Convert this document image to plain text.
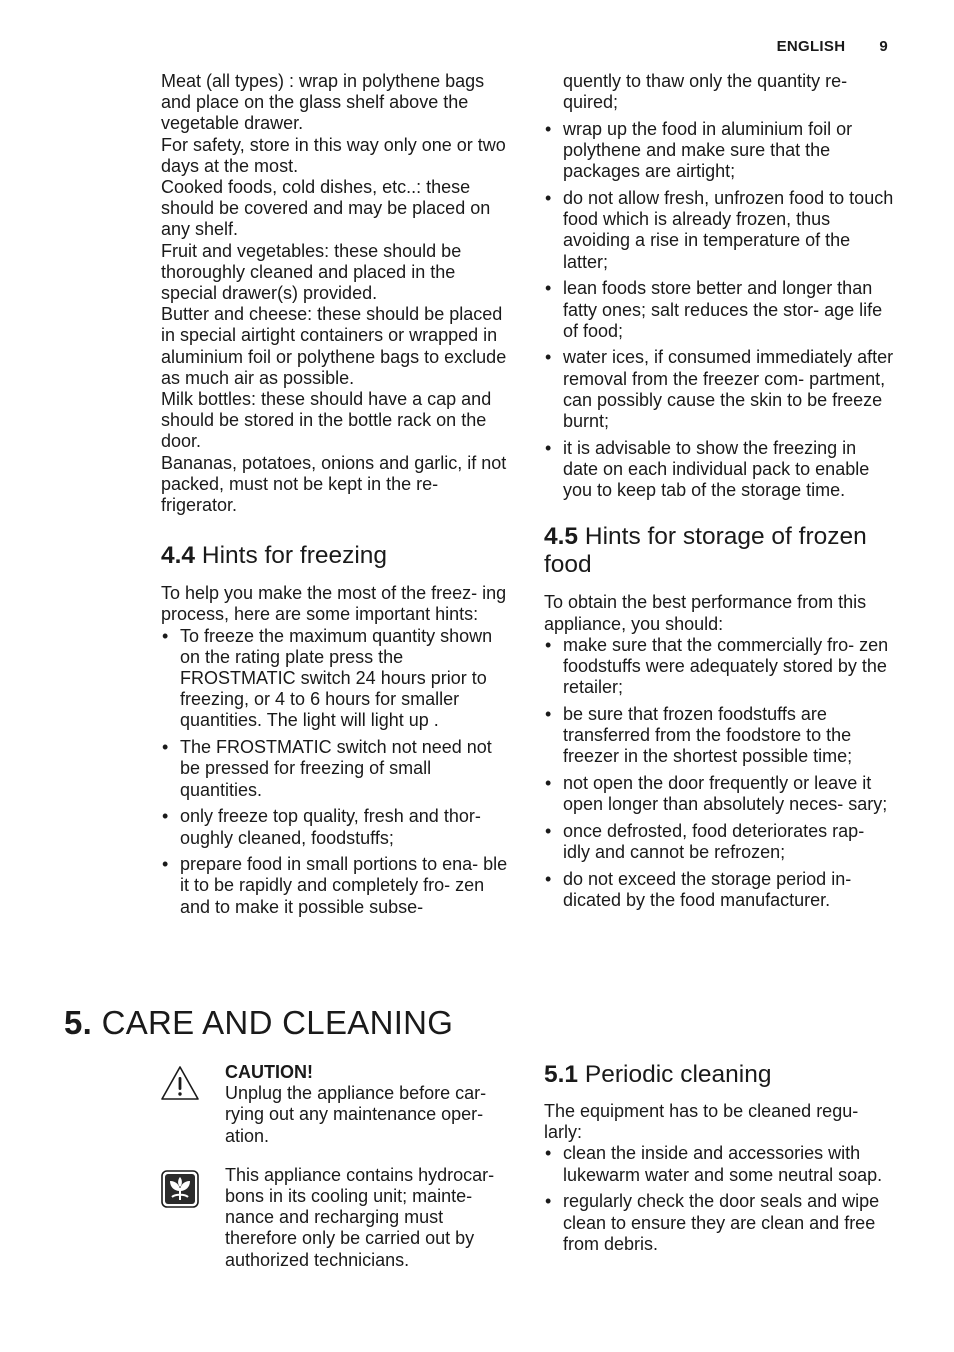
ENGLISH 9

Meat (all types) : wrap in polythene bags and place on the glass shelf above the vegetable drawer.

For safety, store in this way only one or two days at the most.

Cooked foods, cold dishes, etc..: these should be covered and may be placed on any shelf.

Fruit and vegetables: these should be thoroughly cleaned and placed in the special drawer(s) provided.

Butter and cheese: these should be placed in special airtight containers or wrapped in aluminium foil or polythene bags to exclude as much air as possible.

Milk bottles: these should have a cap and should be stored in the bottle rack on the door.

Bananas, potatoes, onions and garlic, if not packed, must not be kept in the re- frigerator.

4.4 Hints for freezing

To help you make the most of the freez- ing process, here are some important hints:

• To freeze the maximum quantity shown on the rating plate press the FROSTMATIC switch 24 hours prior to freezing, or 4 to 6 hours for smaller quantities. The light will light up .
• The FROSTMATIC switch not need not be pressed for freezing of small quantities.
• only freeze top quality, fresh and thor- oughly cleaned, foodstuffs;
• prepare food in small portions to ena- ble it to be rapidly and completely fro- zen and to make it possible subse-

quently to thaw only the quantity re- quired;

• wrap up the food in aluminium foil or polythene and make sure that the packages are airtight;
• do not allow fresh, unfrozen food to touch food which is already frozen, thus avoiding a rise in temperature of the latter;
• lean foods store better and longer than fatty ones; salt reduces the stor- age life of food;
• water ices, if consumed immediately after removal from the freezer com- partment, can possibly cause the skin to be freeze burnt;
• it is advisable to show the freezing in date on each individual pack to enable you to keep tab of the storage time.
4.5 Hints for storage of frozen food

To obtain the best performance from this appliance, you should:

• make sure that the commercially fro- zen foodstuffs were adequately stored by the retailer;
• be sure that frozen foodstuffs are transferred from the foodstore to the freezer in the shortest possible time;
• not open the door frequently or leave it open longer than absolutely neces- sary;
• once defrosted, food deteriorates rap- idly and cannot be refrozen;
• do not exceed the storage period in- dicated by the food manufacturer.
5. CARE AND CLEANING
CAUTION!
Unplug the appliance before car- rying out any maintenance oper- ation.
This appliance contains hydrocar- bons in its cooling unit; mainte- nance and recharging must therefore only be carried out by authorized technicians.
5.1 Periodic cleaning

The equipment has to be cleaned regu- larly:

• clean the inside and accessories with lukewarm water and some neutral soap.
• regularly check the door seals and wipe clean to ensure they are clean and free from debris.
